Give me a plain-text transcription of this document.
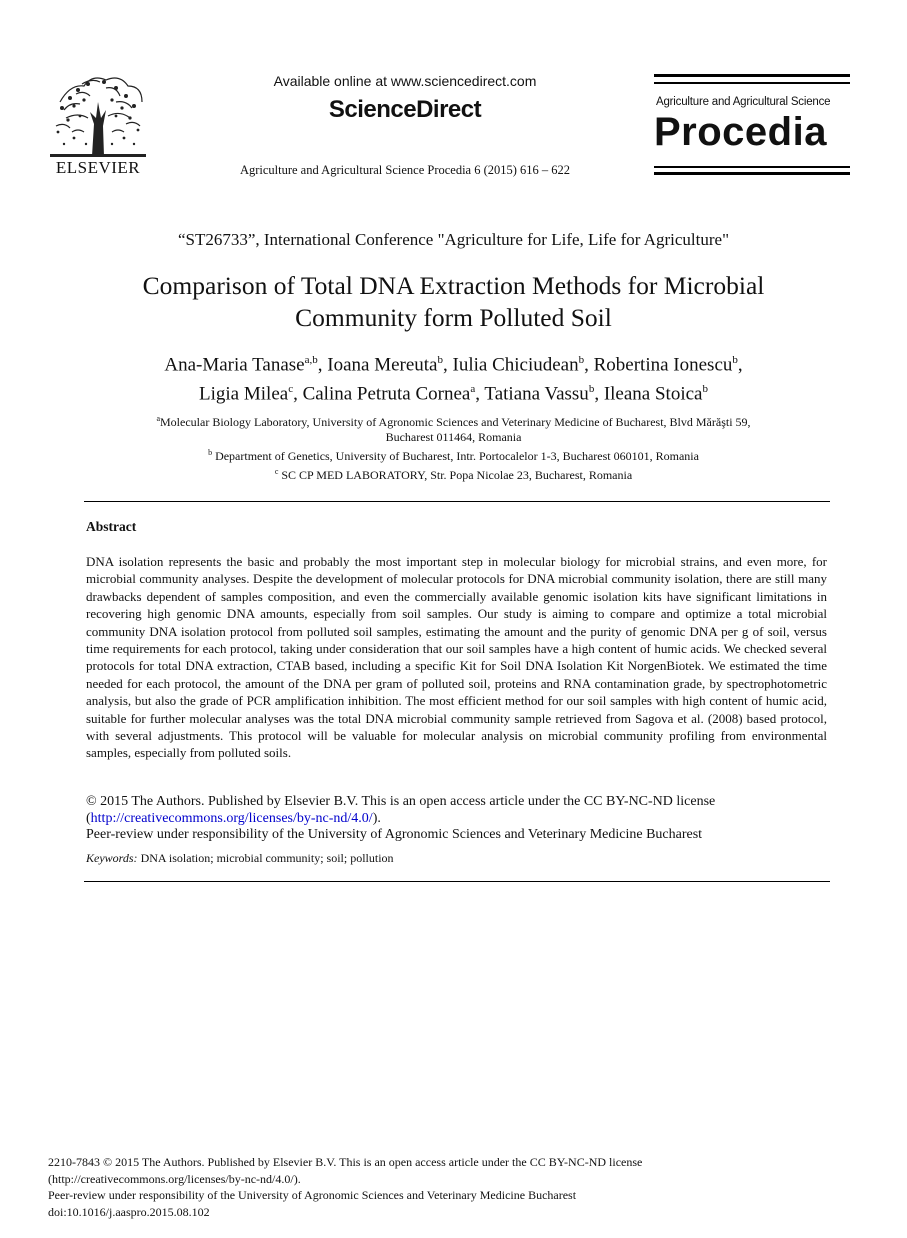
ELSEVIER
Available online at www.sciencedirect.com
ScienceDirect
Agriculture and Agricultural Science Procedia 6 (2015) 616 – 622
Agriculture and Agricultural Science
Procedia
“ST26733”, International Conference "Agriculture for Life, Life for Agriculture"
Comparison of Total DNA Extraction Methods for Microbial
Community form Polluted Soil
Ana-Maria Tanase$^{a,b}$, Ioana Mereuta$^b$, Iulia Chiciudean$^b$, Robertina Ionescu$^b$,
Ligia Milea$^c$, Calina Petruta Cornea$^a$, Tatiana Vassu$^b$, Ileana Stoica$^b$
$^a$Molecular Biology Laboratory, University of Agronomic Sciences and Veterinary Medicine of Bucharest, Blvd Mărăşti 59,
Bucharest 011464, Romania
$^b$ Department of Genetics, University of Bucharest, Intr. Portocalelor 1-3, Bucharest 060101, Romania
$^c$ SC CP MED LABORATORY, Str. Popa Nicolae 23, Bucharest, Romania
Abstract
DNA isolation represents the basic and probably the most important step in molecular biology for microbial strains, and even more, for microbial community analyses. Despite the development of molecular protocols for DNA microbial community isolation, there are still many drawbacks dependent of samples composition, and even the commercially available genomic isolation kits have significant limitations in recovering high genomic DNA amounts, especially from soil samples. Our study is aiming to compare and optimize a total microbial community DNA isolation protocol from polluted soil samples, estimating the amount and the purity of genomic DNA per g of soil, versus time requirements for each protocol, taking under consideration that our soil samples have a high content of humic acids. We checked several protocols for total DNA extraction, CTAB based, including a specific Kit for Soil DNA Isolation Kit NorgenBiotek. We estimated the time needed for each protocol, the amount of the DNA per gram of polluted soil, proteins and RNA contamination grade, by spectrophotometric analysis, but also the grade of PCR amplification inhibition. The most efficient method for our soil samples with high content of humic acid, suitable for further molecular analyses was the total DNA microbial community sample retrieved from Sagova et al. (2008) based protocol, with several adjustments. This protocol will be valuable for molecular analysis on microbial community profiling from environmental samples, especially from polluted soils.
© 2015 The Authors. Published by Elsevier B.V. This is an open access article under the CC BY-NC-ND license
(http://creativecommons.org/licenses/by-nc-nd/4.0/).
Peer-review under responsibility of the University of Agronomic Sciences and Veterinary Medicine Bucharest
Keywords: DNA isolation; microbial community; soil; pollution
2210-7843 © 2015 The Authors. Published by Elsevier B.V. This is an open access article under the CC BY-NC-ND license
(http://creativecommons.org/licenses/by-nc-nd/4.0/).
Peer-review under responsibility of the University of Agronomic Sciences and Veterinary Medicine Bucharest
doi:10.1016/j.aaspro.2015.08.102
